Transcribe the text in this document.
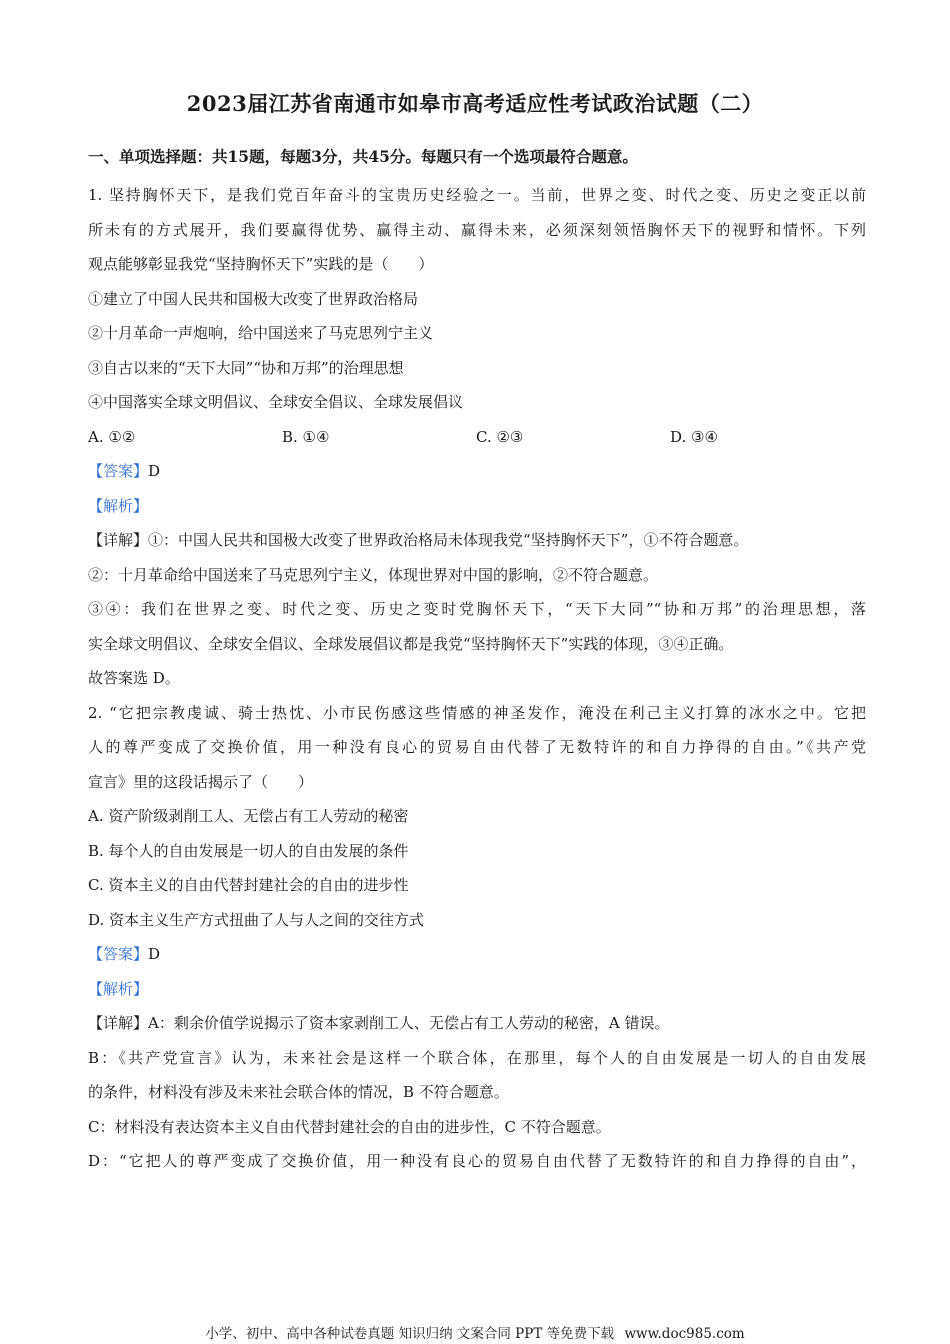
2023届江苏省南通市如皋市高考适应性考试政治试题（二）
一、单项选择题：共15题，每题3分，共45分。每题只有一个选项最符合题意。
1. 坚持胸怀天下，是我们党百年奋斗的宝贵历史经验之一。当前，世界之变、时代之变、历史之变正以前
所未有的方式展开，我们要赢得优势、赢得主动、赢得未来，必须深刻领悟胸怀天下的视野和情怀。下列
观点能够彰显我党“坚持胸怀天下”实践的是（　　）
①建立了中国人民共和国极大改变了世界政治格局
②十月革命一声炮响，给中国送来了马克思列宁主义
③自古以来的“天下大同”“协和万邦”的治理思想
④中国落实全球文明倡议、全球安全倡议、全球发展倡议
A. ①②	B. ①④	C. ②③	D. ③④
【答案】D
【解析】
【详解】①：中国人民共和国极大改变了世界政治格局未体现我党“坚持胸怀天下”，①不符合题意。
②：十月革命给中国送来了马克思列宁主义，体现世界对中国的影响，②不符合题意。
③④：我们在世界之变、时代之变、历史之变时党胸怀天下，“天下大同”“协和万邦”的治理思想，落
实全球文明倡议、全球安全倡议、全球发展倡议都是我党“坚持胸怀天下”实践的体现，③④正确。
故答案选 D。
2. “它把宗教虔诚、骑士热忱、小市民伤感这些情感的神圣发作，淹没在利己主义打算的冰水之中。它把
人的尊严变成了交换价值，用一种没有良心的贸易自由代替了无数特许的和自力挣得的自由。”《共产党
宣言》里的这段话揭示了（　　）
A. 资产阶级剥削工人、无偿占有工人劳动的秘密
B. 每个人的自由发展是一切人的自由发展的条件
C. 资本主义的自由代替封建社会的自由的进步性
D. 资本主义生产方式扭曲了人与人之间的交往方式
【答案】D
【解析】
【详解】A：剩余价值学说揭示了资本家剥削工人、无偿占有工人劳动的秘密，A 错误。
B：《共产党宣言》认为，未来社会是这样一个联合体，在那里，每个人的自由发展是一切人的自由发展
的条件，材料没有涉及未来社会联合体的情况，B 不符合题意。
C：材料没有表达资本主义自由代替封建社会的自由的进步性，C 不符合题意。
D：“它把人的尊严变成了交换价值，用一种没有良心的贸易自由代替了无数特许的和自力挣得的自由”，
小学、初中、高中各种试卷真题 知识归纳 文案合同 PPT 等免费下载 www.doc985.com
